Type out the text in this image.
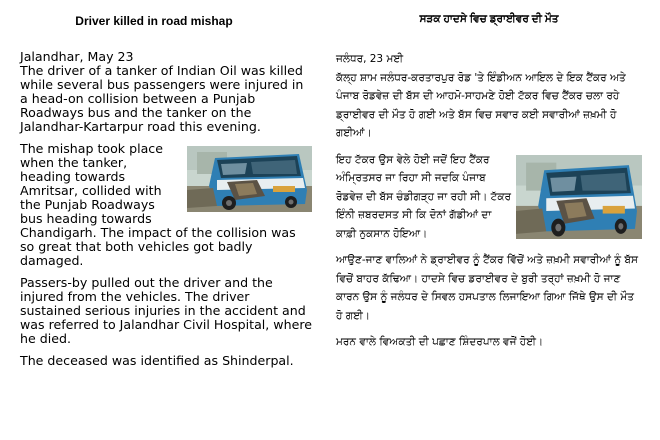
Driver killed in road mishap

Jalandhar, May 23
The driver of a tanker of Indian Oil was killed while several bus passengers were injured in a head-on collision between a Punjab Roadways bus and the tanker on the Jalandhar-Kartarpur road this evening.

The mishap took place when the tanker, heading towards Amritsar, collided with the Punjab Roadways bus heading towards Chandigarh. The impact of the collision was so great that both vehicles got badly damaged.

Passers-by pulled out the driver and the injured from the vehicles. The driver sustained serious injuries in the accident and was referred to Jalandhar Civil Hospital, where he died.

The deceased was identified as Shinderpal.

ਸੜਕ ਹਾਦਸੇ ਵਿਚ ਡ੍ਰਾਈਵਰ ਦੀ ਮੌਤ

ਜਲੰਧਰ, 23 ਮਈ
ਕੱਲ੍ਹ ਸ਼ਾਮ ਜਲੰਧਰ-ਕਰਤਾਰਪੁਰ ਰੋਡ 'ਤੇ ਇੰਡੀਅਨ ਆਇਲ ਦੇ ਇਕ ਟੈਂਕਰ ਅਤੇ ਪੰਜਾਬ ਰੋਡਵੇਜ਼ ਦੀ ਬੱਸ ਦੀ ਆਹਮੋ-ਸਾਹਮਣੇ ਹੋਈ ਟੱਕਰ ਵਿਚ ਟੈਂਕਰ ਚਲਾ ਰਹੇ ਡ੍ਰਾਈਵਰ ਦੀ ਮੌਤ ਹੋ ਗਈ ਅਤੇ ਬੱਸ ਵਿਚ ਸਵਾਰ ਕਈ ਸਵਾਰੀਆਂ ਜ਼ਖ਼ਮੀ ਹੋ ਗਈਆਂ।

ਇਹ ਟੱਕਰ ਉਸ ਵੇਲੇ ਹੋਈ ਜਦੋਂ ਇਹ ਟੈਂਕਰ ਅੰਮ੍ਰਿਤਸਰ ਜਾ ਰਿਹਾ ਸੀ ਜਦਕਿ ਪੰਜਾਬ ਰੋਡਵੇਜ਼ ਦੀ ਬੱਸ ਚੰਡੀਗੜ੍ਹ ਜਾ ਰਹੀ ਸੀ। ਟੱਕਰ ਇੰਨੀ ਜ਼ਬਰਦਸਤ ਸੀ ਕਿ ਦੋਨਾਂ ਗੱਡੀਆਂ ਦਾ ਕਾਫ਼ੀ ਨੁਕਸਾਨ ਹੋਇਆ।

ਆਉਣ-ਜਾਣ ਵਾਲਿਆਂ ਨੇ ਡ੍ਰਾਈਵਰ ਨੂੰ ਟੈਂਕਰ ਵਿੱਚੋਂ ਅਤੇ ਜ਼ਖ਼ਮੀ ਸਵਾਰੀਆਂ ਨੂੰ ਬੱਸ ਵਿਚੋਂ ਬਾਹਰ ਕੱਢਿਆ। ਹਾਦਸੇ ਵਿਚ ਡਰਾਈਵਰ ਦੇ ਬੁਰੀ ਤਰ੍ਹਾਂ ਜ਼ਖ਼ਮੀ ਹੋ ਜਾਣ ਕਾਰਨ ਉਸ ਨੂੰ ਜਲੰਧਰ ਦੇ ਸਿਵਲ ਹਸਪਤਾਲ ਲਿਜਾਇਆ ਗਿਆ ਜਿੱਥੇ ਉਸ ਦੀ ਮੌਤ ਹੋ ਗਈ।

ਮਰਨ ਵਾਲੇ ਵਿਅਕਤੀ ਦੀ ਪਛਾਣ ਸ਼ਿੰਦਰਪਾਲ ਵਜੋਂ ਹੋਈ।
